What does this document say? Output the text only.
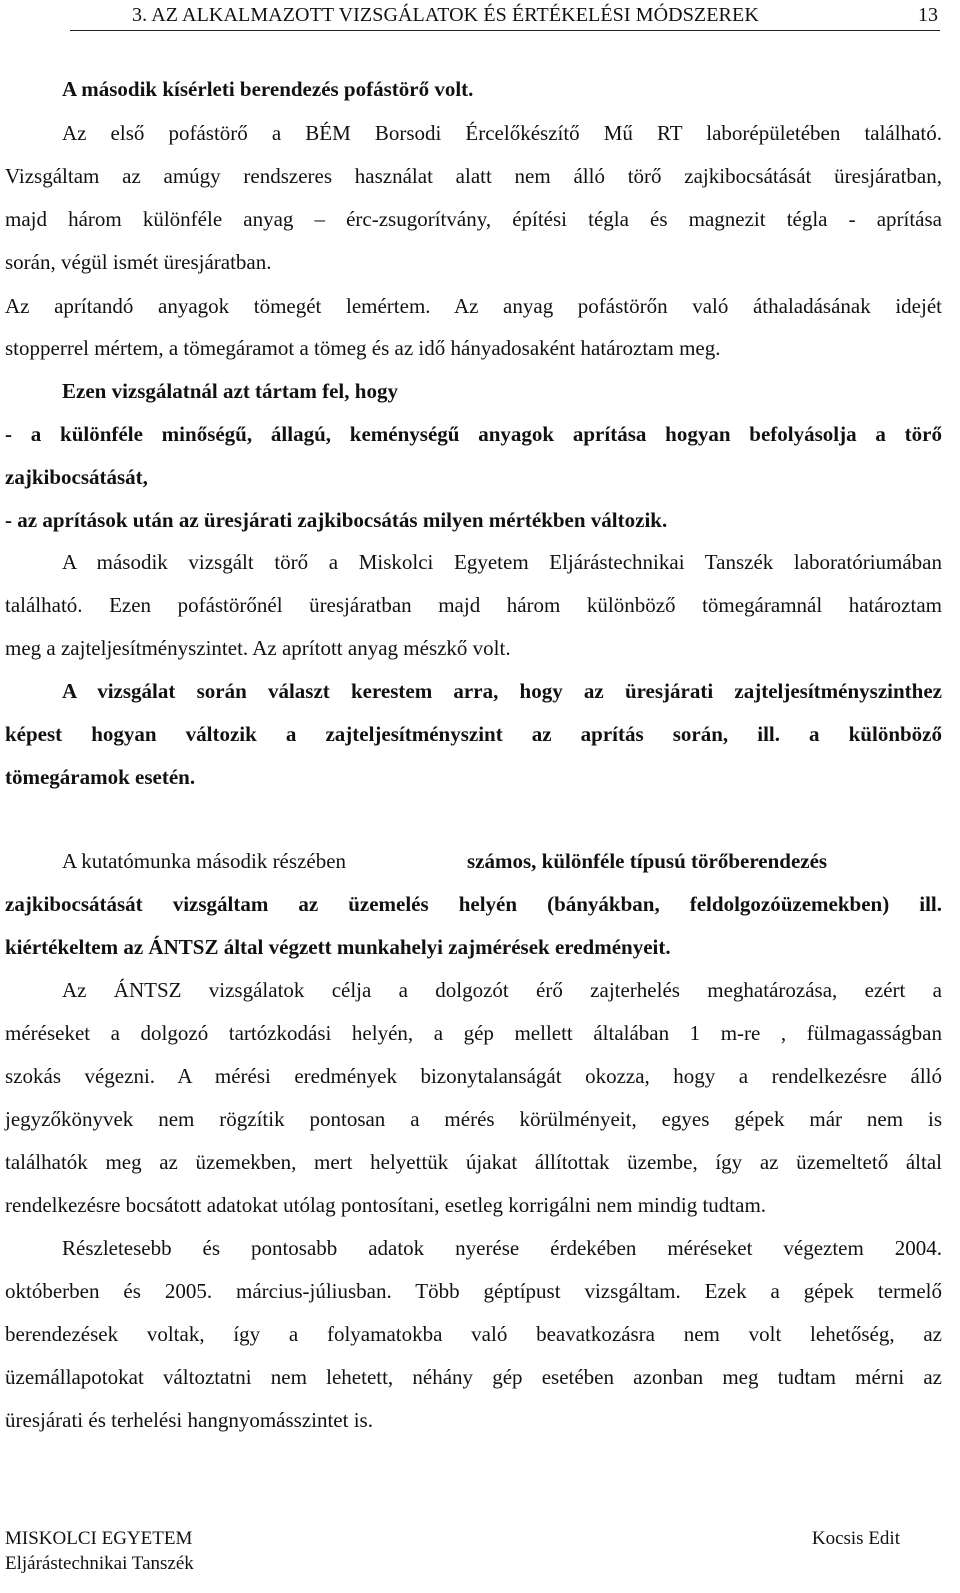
3. AZ ALKALMAZOTT VIZSGÁLATOK ÉS ÉRTÉKELÉSI MÓDSZEREK	13
A második kísérleti berendezés pofástörő volt.
Az első pofástörő a BÉM Borsodi Ércelőkészítő Mű RT laborépületében található.
Vizsgáltam az amúgy rendszeres használat alatt nem álló törő zajkibocsátását üresjáratban,
majd három különféle anyag – érc-zsugorítvány, építési tégla és magnezit tégla - aprítása
során, végül ismét üresjáratban.
Az aprítandó anyagok tömegét lemértem. Az anyag pofástörőn való áthaladásának idejét
stopperrel mértem, a tömegáramot a tömeg és az idő hányadosaként határoztam meg.
Ezen vizsgálatnál azt tártam fel, hogy
- a különféle minőségű, állagú, keménységű anyagok aprítása hogyan befolyásolja a törő
zajkibocsátását,
- az aprítások után az üresjárati zajkibocsátás milyen mértékben változik.
A második vizsgált törő a Miskolci Egyetem Eljárástechnikai Tanszék laboratóriumában
található. Ezen pofástörőnél üresjáratban majd három különböző tömegáramnál határoztam
meg a zajteljesítményszintet. Az aprított anyag mészkő volt.
A vizsgálat során választ kerestem arra, hogy az üresjárati zajteljesítményszinthez
képest hogyan változik a zajteljesítményszint az aprítás során, ill. a különböző
tömegáramok esetén.
A kutatómunka második részében	számos, különféle típusú törőberendezés
zajkibocsátását vizsgáltam az üzemelés helyén (bányákban, feldolgozóüzemekben) ill.
kiértékeltem az ÁNTSZ által végzett munkahelyi zajmérések eredményeit.
Az ÁNTSZ vizsgálatok célja a dolgozót érő zajterhelés meghatározása, ezért a
méréseket a dolgozó tartózkodási helyén, a gép mellett általában 1 m-re , fülmagasságban
szokás végezni. A mérési eredmények bizonytalanságát okozza, hogy a rendelkezésre álló
jegyzőkönyvek nem rögzítik pontosan a mérés körülményeit, egyes gépek már nem is
találhatók meg az üzemekben, mert helyettük újakat állítottak üzembe, így az üzemeltető által
rendelkezésre bocsátott adatokat utólag pontosítani, esetleg korrigálni nem mindig tudtam.
Részletesebb és pontosabb adatok nyerése érdekében méréseket végeztem 2004.
októberben és 2005. március-júliusban. Több géptípust vizsgáltam. Ezek a gépek termelő
berendezések voltak, így a folyamatokba való beavatkozásra nem volt lehetőség, az
üzemállapotokat változtatni nem lehetett, néhány gép esetében azonban meg tudtam mérni az
üresjárati és terhelési hangnyomásszintet is.
MISKOLCI EGYETEM
Eljárástechnikai Tanszék
Kocsis Edit
